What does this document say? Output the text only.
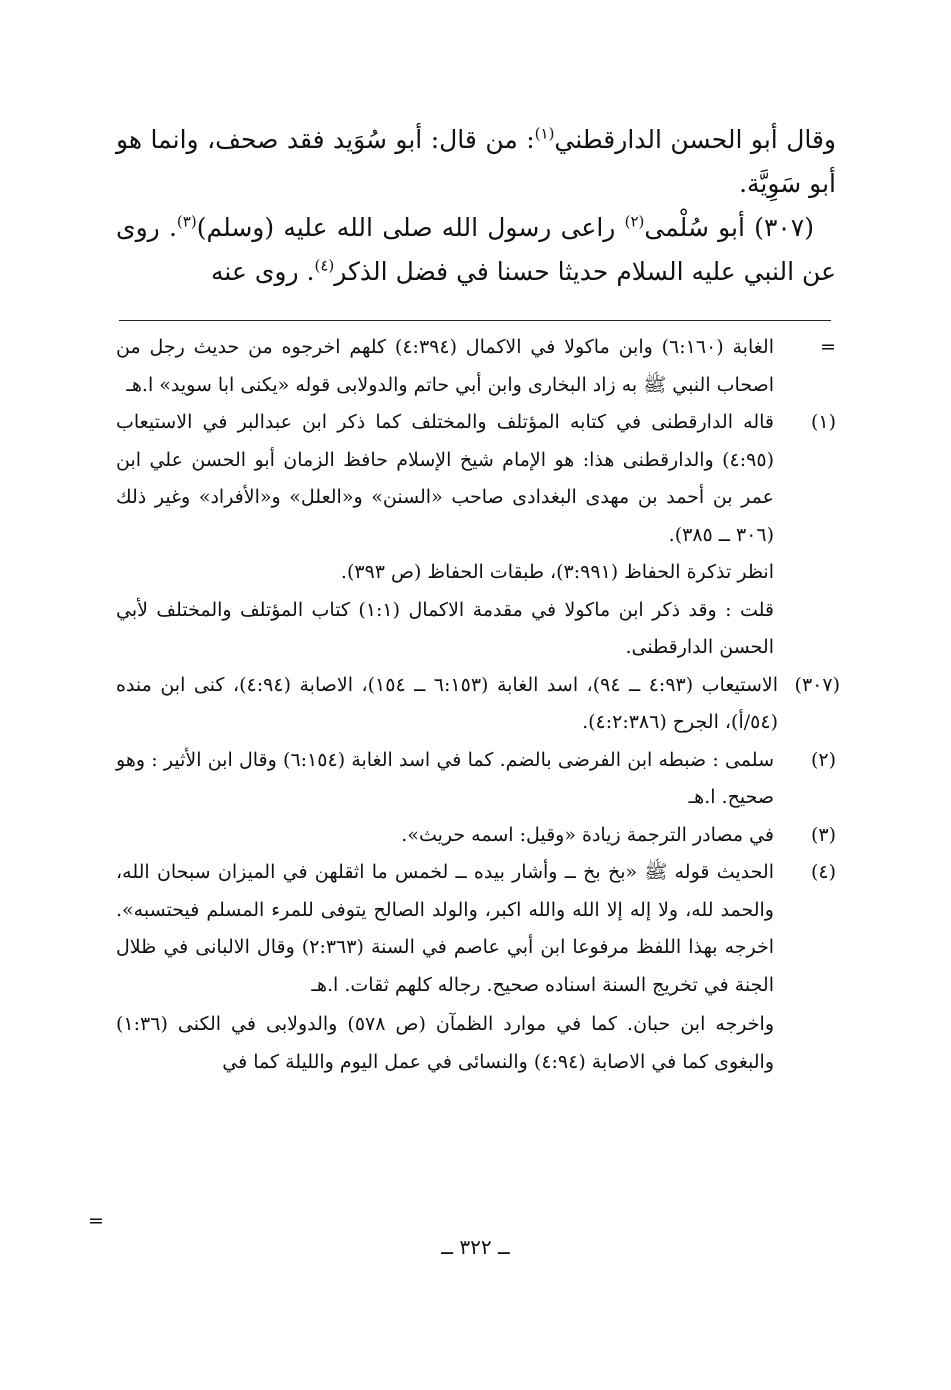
وقال أبو الحسن الدارقطني$^{(١)}$: من قال: أبو سُوَيد فقد صحف، وانما هو أبو سَوِيَّة.

(٣٠٧) أبو سُلْمى$^{(٢)}$ راعى رسول الله صلى الله عليه (وسلم)$^{(٣)}$. روى عن النبي عليه السلام حديثا حسنا في فضل الذكر$^{(٤)}$. روى عنه

=

الغابة (٦:١٦٠) وابن ماكولا في الاكمال (٤:٣٩٤) كلهم اخرجوه من حديث رجل من اصحاب النبي ﷺ به زاد البخارى وابن أبي حاتم والدولابى قوله «يكنى ابا سويد» ا.هـ

(١)

قاله الدارقطنى في كتابه المؤتلف والمختلف كما ذكر ابن عبدالبر في الاستيعاب (٤:٩٥) والدارقطنى هذا: هو الإمام شيخ الإسلام حافظ الزمان أبو الحسن علي ابن عمر بن أحمد بن مهدى البغدادى صاحب «السنن» و«العلل» و«الأفراد» وغير ذلك (٣٠٦ ــ ٣٨٥).

انظر تذكرة الحفاظ (٣:٩٩١)، طبقات الحفاظ (ص ٣٩٣).

قلت : وقد ذكر ابن ماكولا في مقدمة الاكمال (١:١) كتاب المؤتلف والمختلف لأبي الحسن الدارقطنى.

(٣٠٧)

الاستيعاب (٤:٩٣ ــ ٩٤)، اسد الغابة (٦:١٥٣ ــ ١٥٤)، الاصابة (٤:٩٤)، كنى ابن منده (٥٤/أ)، الجرح (٤:٢:٣٨٦).

(٢)

سلمى : ضبطه ابن الفرضى بالضم. كما في اسد الغابة (٦:١٥٤) وقال ابن الأثير : وهو صحيح. ا.هـ

(٣)

في مصادر الترجمة زيادة «وقيل: اسمه حريث».

(٤)

الحديث قوله ﷺ «بخ بخ ــ وأشار بيده ــ لخمس ما اثقلهن في الميزان سبحان الله، والحمد لله، ولا إله إلا الله والله اكبر، والولد الصالح يتوفى للمرء المسلم فيحتسبه». اخرجه بهذا اللفظ مرفوعا ابن أبي عاصم في السنة (٢:٣٦٣) وقال الالبانى في ظلال الجنة في تخريج السنة اسناده صحيح. رجاله كلهم ثقات. ا.هـ

واخرجه ابن حبان. كما في موارد الظمآن (ص ٥٧٨) والدولابى في الكنى (١:٣٦) والبغوى كما في الاصابة (٤:٩٤) والنسائى في عمل اليوم والليلة كما في

=
ــ ٣٢٢ ــ
